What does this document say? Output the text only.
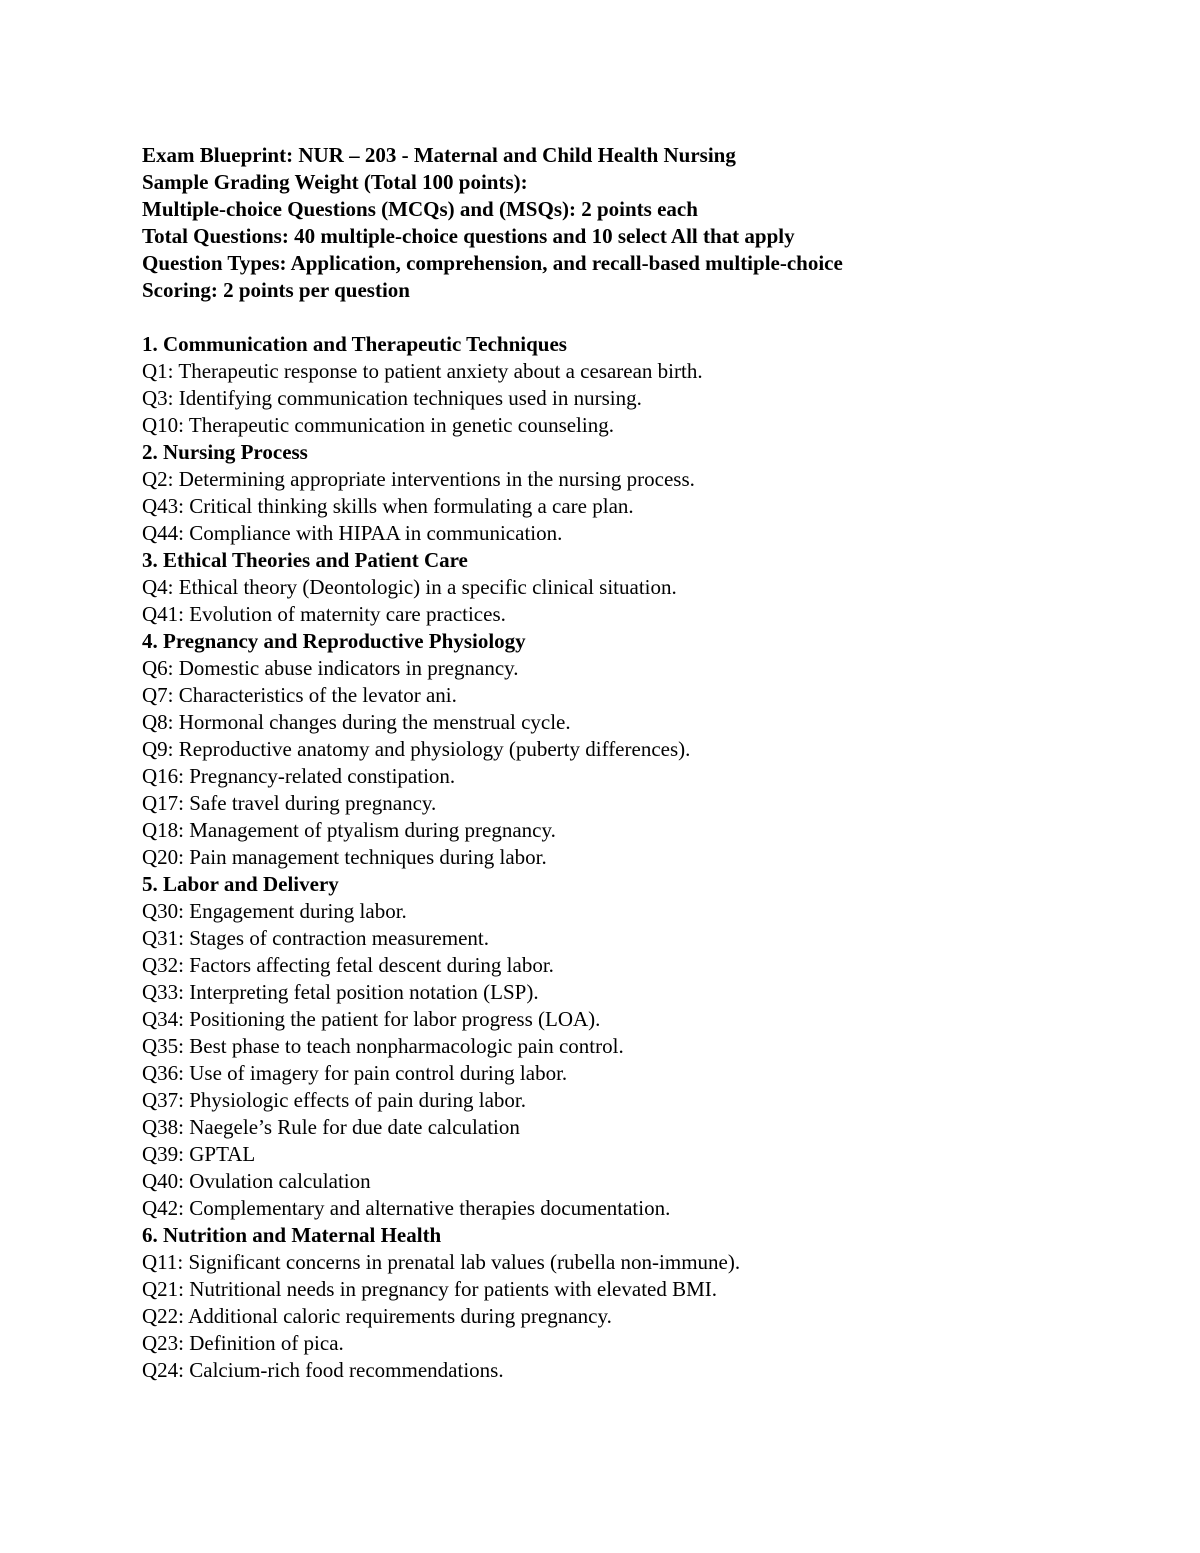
Exam Blueprint: NUR – 203 - Maternal and Child Health Nursing
Sample Grading Weight (Total 100 points):
Multiple-choice Questions (MCQs) and (MSQs): 2 points each
Total Questions: 40 multiple-choice questions and 10 select All that apply
Question Types: Application, comprehension, and recall-based multiple-choice
Scoring: 2 points per question
1. Communication and Therapeutic Techniques
Q1: Therapeutic response to patient anxiety about a cesarean birth.
Q3: Identifying communication techniques used in nursing.
Q10: Therapeutic communication in genetic counseling.
2. Nursing Process
Q2: Determining appropriate interventions in the nursing process.
Q43: Critical thinking skills when formulating a care plan.
Q44: Compliance with HIPAA in communication.
3. Ethical Theories and Patient Care
Q4: Ethical theory (Deontologic) in a specific clinical situation.
Q41: Evolution of maternity care practices.
4. Pregnancy and Reproductive Physiology
Q6: Domestic abuse indicators in pregnancy.
Q7: Characteristics of the levator ani.
Q8: Hormonal changes during the menstrual cycle.
Q9: Reproductive anatomy and physiology (puberty differences).
Q16: Pregnancy-related constipation.
Q17: Safe travel during pregnancy.
Q18: Management of ptyalism during pregnancy.
Q20: Pain management techniques during labor.
5. Labor and Delivery
Q30: Engagement during labor.
Q31: Stages of contraction measurement.
Q32: Factors affecting fetal descent during labor.
Q33: Interpreting fetal position notation (LSP).
Q34: Positioning the patient for labor progress (LOA).
Q35: Best phase to teach nonpharmacologic pain control.
Q36: Use of imagery for pain control during labor.
Q37: Physiologic effects of pain during labor.
Q38: Naegele’s Rule for due date calculation
Q39: GPTAL
Q40: Ovulation calculation
Q42: Complementary and alternative therapies documentation.
6. Nutrition and Maternal Health
Q11: Significant concerns in prenatal lab values (rubella non-immune).
Q21: Nutritional needs in pregnancy for patients with elevated BMI.
Q22: Additional caloric requirements during pregnancy.
Q23: Definition of pica.
Q24: Calcium-rich food recommendations.
